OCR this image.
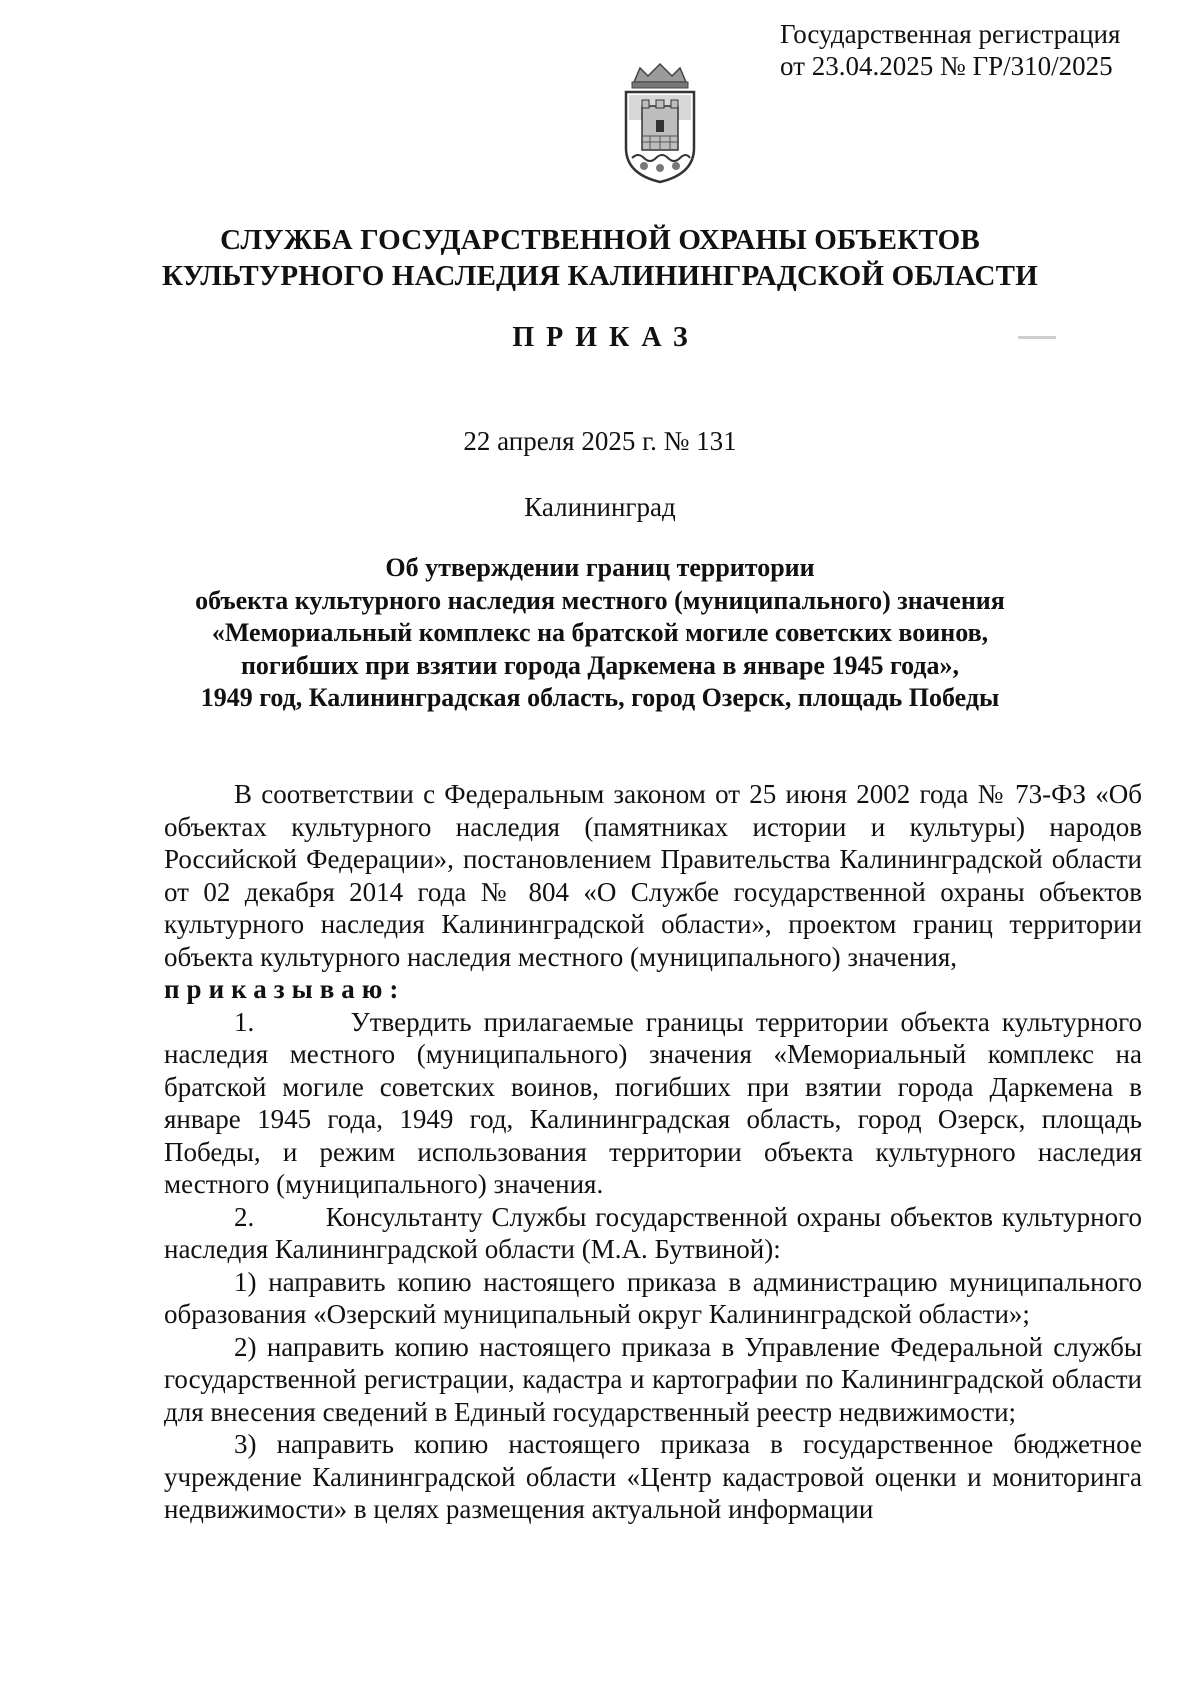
Государственная регистрация
от 23.04.2025 № ГР/310/2025
СЛУЖБА ГОСУДАРСТВЕННОЙ ОХРАНЫ ОБЪЕКТОВ
КУЛЬТУРНОГО НАСЛЕДИЯ КАЛИНИНГРАДСКОЙ ОБЛАСТИ
ПРИКАЗ
22 апреля 2025 г. № 131
Калининград
Об утверждении границ территории
объекта культурного наследия местного (муниципального) значения
«Мемориальный комплекс на братской могиле советских воинов,
погибших при взятии города Даркемена в январе 1945 года»,
1949 год, Калининградская область, город Озерск, площадь Победы

В соответствии с Федеральным законом от 25 июня 2002 года № 73-ФЗ «Об объектах культурного наследия (памятниках истории и культуры) народов Российской Федерации», постановлением Правительства Калининградской области от 02 декабря 2014 года № 804 «О Службе государственной охраны объектов культурного наследия Калининградской области», проектом границ территории объекта культурного наследия местного (муниципального) значения,

приказываю:

1.        Утвердить прилагаемые границы территории объекта культурного наследия местного (муниципального) значения «Мемориальный комплекс на братской могиле советских воинов, погибших при взятии города Даркемена в январе 1945 года, 1949 год, Калининградская область, город Озерск, площадь Победы, и режим использования территории объекта культурного наследия местного (муниципального) значения.

2.        Консультанту Службы государственной охраны объектов культурного наследия Калининградской области (М.А. Бутвиной):

1) направить копию настоящего приказа в администрацию муниципального образования «Озерский муниципальный округ Калининградской области»;

2) направить копию настоящего приказа в Управление Федеральной службы государственной регистрации, кадастра и картографии по Калининградской области для внесения сведений в Единый государственный реестр недвижимости;

3) направить копию настоящего приказа в государственное бюджетное учреждение Калининградской области «Центр кадастровой оценки и мониторинга недвижимости» в целях размещения актуальной информации
